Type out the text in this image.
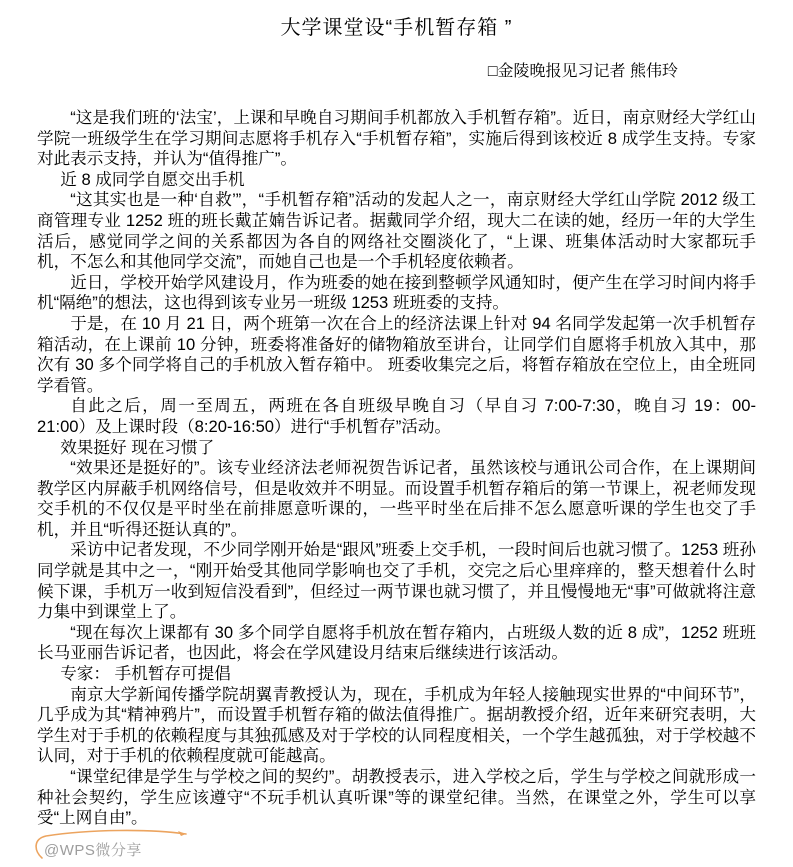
大学课堂设“手机暂存箱 ”
□金陵晚报见习记者 熊伟玲

“这是我们班的‘法宝’，上课和早晚自习期间手机都放入手机暂存箱”。近日，南京财经大学红山学院一班级学生在学习期间志愿将手机存入“手机暂存箱”，实施后得到该校近 8 成学生支持。专家对此表示支持，并认为“值得推广”。

近 8 成同学自愿交出手机

“这其实也是一种‘自救’”，“手机暂存箱”活动的发起人之一，南京财经大学红山学院 2012 级工商管理专业 1252 班的班长戴芷婻告诉记者。据戴同学介绍，现大二在读的她，经历一年的大学生活后，感觉同学之间的关系都因为各自的网络社交圈淡化了，“上课、班集体活动时大家都玩手机，不怎么和其他同学交流”，而她自己也是一个手机轻度依赖者。

近日，学校开始学风建设月，作为班委的她在接到整顿学风通知时，便产生在学习时间内将手机“隔绝”的想法，这也得到该专业另一班级 1253 班班委的支持。

于是，在 10 月 21 日，两个班第一次在合上的经济法课上针对 94 名同学发起第一次手机暂存箱活动，在上课前 10 分钟，班委将准备好的储物箱放至讲台，让同学们自愿将手机放入其中，那次有 30 多个同学将自己的手机放入暂存箱中。 班委收集完之后，将暂存箱放在空位上，由全班同学看管。

自此之后，周一至周五，两班在各自班级早晚自习（早自习 7:00-7:30，晚自习 19：00-21:00）及上课时段（8:20-16:50）进行“手机暂存”活动。

效果挺好 现在习惯了

“效果还是挺好的”。该专业经济法老师祝贺告诉记者，虽然该校与通讯公司合作，在上课期间教学区内屏蔽手机网络信号，但是收效并不明显。而设置手机暂存箱后的第一节课上，祝老师发现交手机的不仅仅是平时坐在前排愿意听课的，一些平时坐在后排不怎么愿意听课的学生也交了手机，并且“听得还挺认真的”。

采访中记者发现，不少同学刚开始是“跟风”班委上交手机，一段时间后也就习惯了。1253 班孙同学就是其中之一，“刚开始受其他同学影响也交了手机，交完之后心里痒痒的，整天想着什么时候下课，手机万一收到短信没看到”，但经过一两节课也就习惯了，并且慢慢地无“事”可做就将注意力集中到课堂上了。

“现在每次上课都有 30 多个同学自愿将手机放在暂存箱内，占班级人数的近 8 成”，1252 班班长马亚丽告诉记者，也因此，将会在学风建设月结束后继续进行该活动。

专家： 手机暂存可提倡

南京大学新闻传播学院胡翼青教授认为，现在，手机成为年轻人接触现实世界的“中间环节”，几乎成为其“精神鸦片”，而设置手机暂存箱的做法值得推广。据胡教授介绍，近年来研究表明，大学生对于手机的依赖程度与其独孤感及对于学校的认同程度相关，一个学生越孤独，对于学校越不认同，对于手机的依赖程度就可能越高。

“课堂纪律是学生与学校之间的契约”。胡教授表示，进入学校之后，学生与学校之间就形成一种社会契约，学生应该遵守“不玩手机认真听课”等的课堂纪律。当然，在课堂之外，学生可以享受“上网自由”。

@WPS微分享
